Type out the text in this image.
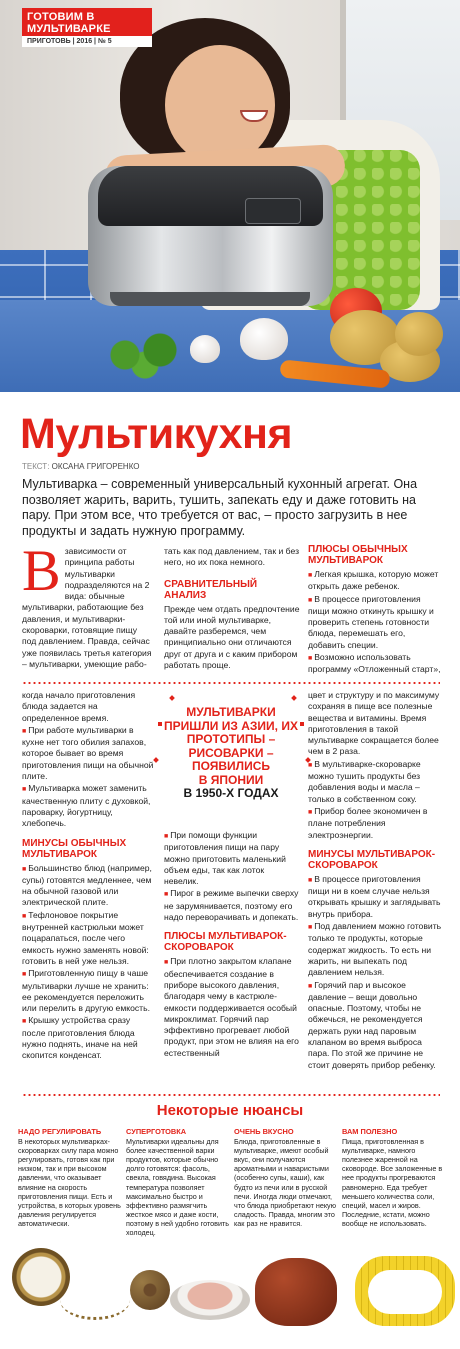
ГОТОВИМ В МУЛЬТИВАРКЕ
ПРИГОТОВЬ | 2016 | № 5
Мультикухня
ТЕКСТ: ОКСАНА ГРИГОРЕНКО
Мультиварка – современный универсальный кухонный агрегат. Она позволяет жарить, варить, тушить, запекать еду и даже готовить на пару. При этом все, что требуется от вас, – просто загрузить в нее продукты и задать нужную программу.
В зависимости от принципа работы мультиварки подразделяются на 2 вида: обычные мультиварки, работающие без давления, и мультиварки-скороварки, готовящие пищу под давлением. Правда, сейчас уже появилась третья категория – мультиварки, умеющие рабо-

тать как под давлением, так и без него, но их пока немного.

СРАВНИТЕЛЬНЫЙ АНАЛИЗ

Прежде чем отдать предпочтение той или иной мультиварке, давайте разберемся, чем принципиально они отличаются друг от друга и с каким прибором работать проще.

ПЛЮСЫ ОБЫЧНЫХ МУЛЬТИВАРОК

■ Легкая крышка, которую может открыть даже ребенок.

■ В процессе приготовления пищи можно откинуть крышку и проверить степень готовности блюда, перемешать его, добавить специи.

■ Возможно использовать программу «Отложенный старт»,

когда начало приготовления блюда задается на определенное время.

■ При работе мультиварки в кухне нет того обилия запахов, которое бывает во время приготовления пищи на обычной плите.

■ Мультиварка может заменить качественную плиту с духовкой, пароварку, йогуртницу, хлебопечь.

МИНУСЫ ОБЫЧНЫХ МУЛЬТИВАРОК

■ Большинство блюд (например, супы) готовятся медленнее, чем на обычной газовой или электрической плите.

■ Тефлоновое покрытие внутренней кастрюльки может поцарапаться, после чего емкость нужно заменять новой: готовить в ней уже нельзя.

■ Приготовленную пищу в чаше мультиварки лучше не хранить: ее рекомендуется переложить или перелить в другую емкость.

■ Крышку устройства сразу после приготовления блюда нужно поднять, иначе на ней скопится конденсат.

МУЛЬТИВАРКИ ПРИШЛИ ИЗ АЗИИ, ИХ ПРОТОТИПЫ – РИСОВАРКИ – ПОЯВИЛИСЬ
В ЯПОНИИ
В 1950-Х ГОДАХ

■ При помощи функции приготовления пищи на пару можно приготовить маленький объем еды, так как лоток невелик.

■ Пирог в режиме выпечки сверху не зарумянивается, поэтому его надо переворачивать и допекать.

ПЛЮСЫ МУЛЬТИВАРОК-СКОРОВАРОК

■ При плотно закрытом клапане обеспечивается создание в приборе высокого давления, благодаря чему в кастрюле-емкости поддерживается особый микроклимат. Горячий пар эффективно прогревает любой продукт, при этом не влияя на его естественный

цвет и структуру и по максимуму сохраняя в пище все полезные вещества и витамины. Время приготовления в такой мультиварке сокращается более чем в 2 раза.

■ В мультиварке-скороварке можно тушить продукты без добавления воды и масла – только в собственном соку.

■ Прибор более экономичен в плане потребления электроэнергии.

МИНУСЫ МУЛЬТИВАРОК-СКОРОВАРОК

■ В процессе приготовления пищи ни в коем случае нельзя открывать крышку и заглядывать внутрь прибора.

■ Под давлением можно готовить только те продукты, которые содержат жидкость. То есть ни жарить, ни выпекать под давлением нельзя.

■ Горячий пар и высокое давление – вещи довольно опасные. Поэтому, чтобы не обжечься, не рекомендуется держать руки над паровым клапаном во время выброса пара. По этой же причине не стоит доверять прибор ребенку.

Некоторые нюансы
НАДО РЕГУЛИРОВАТЬ
В некоторых мультиварках-скороварках силу пара можно регулировать, готовя как при низком, так и при высоком давлении, что оказывает влияние на скорость приготовления пищи. Есть и устройства, в которых уровень давления регулируется автоматически.
СУПЕРГОТОВКА
Мультиварки идеальны для более качественной варки продуктов, которые обычно долго готовятся: фасоль, свекла, говядина. Высокая температура позволяет максимально быстро и эффективно размягчить жесткое мясо и даже кости, поэтому в ней удобно готовить холодец.
ОЧЕНЬ ВКУСНО
Блюда, приготовленные в мультиварке, имеют особый вкус, они получаются ароматными и наваристыми (особенно супы, каши), как будто из печи или в русской печи. Иногда люди отмечают, что блюда приобретают некую сладость. Правда, многим это как раз не нравится.
ВАМ ПОЛЕЗНО
Пища, приготовленная в мультиварке, намного полезнее жаренной на сковороде. Все заложенные в нее продукты прогреваются равномерно. Еда требует меньшего количества соли, специй, масел и жиров. Последние, кстати, можно вообще не использовать.
